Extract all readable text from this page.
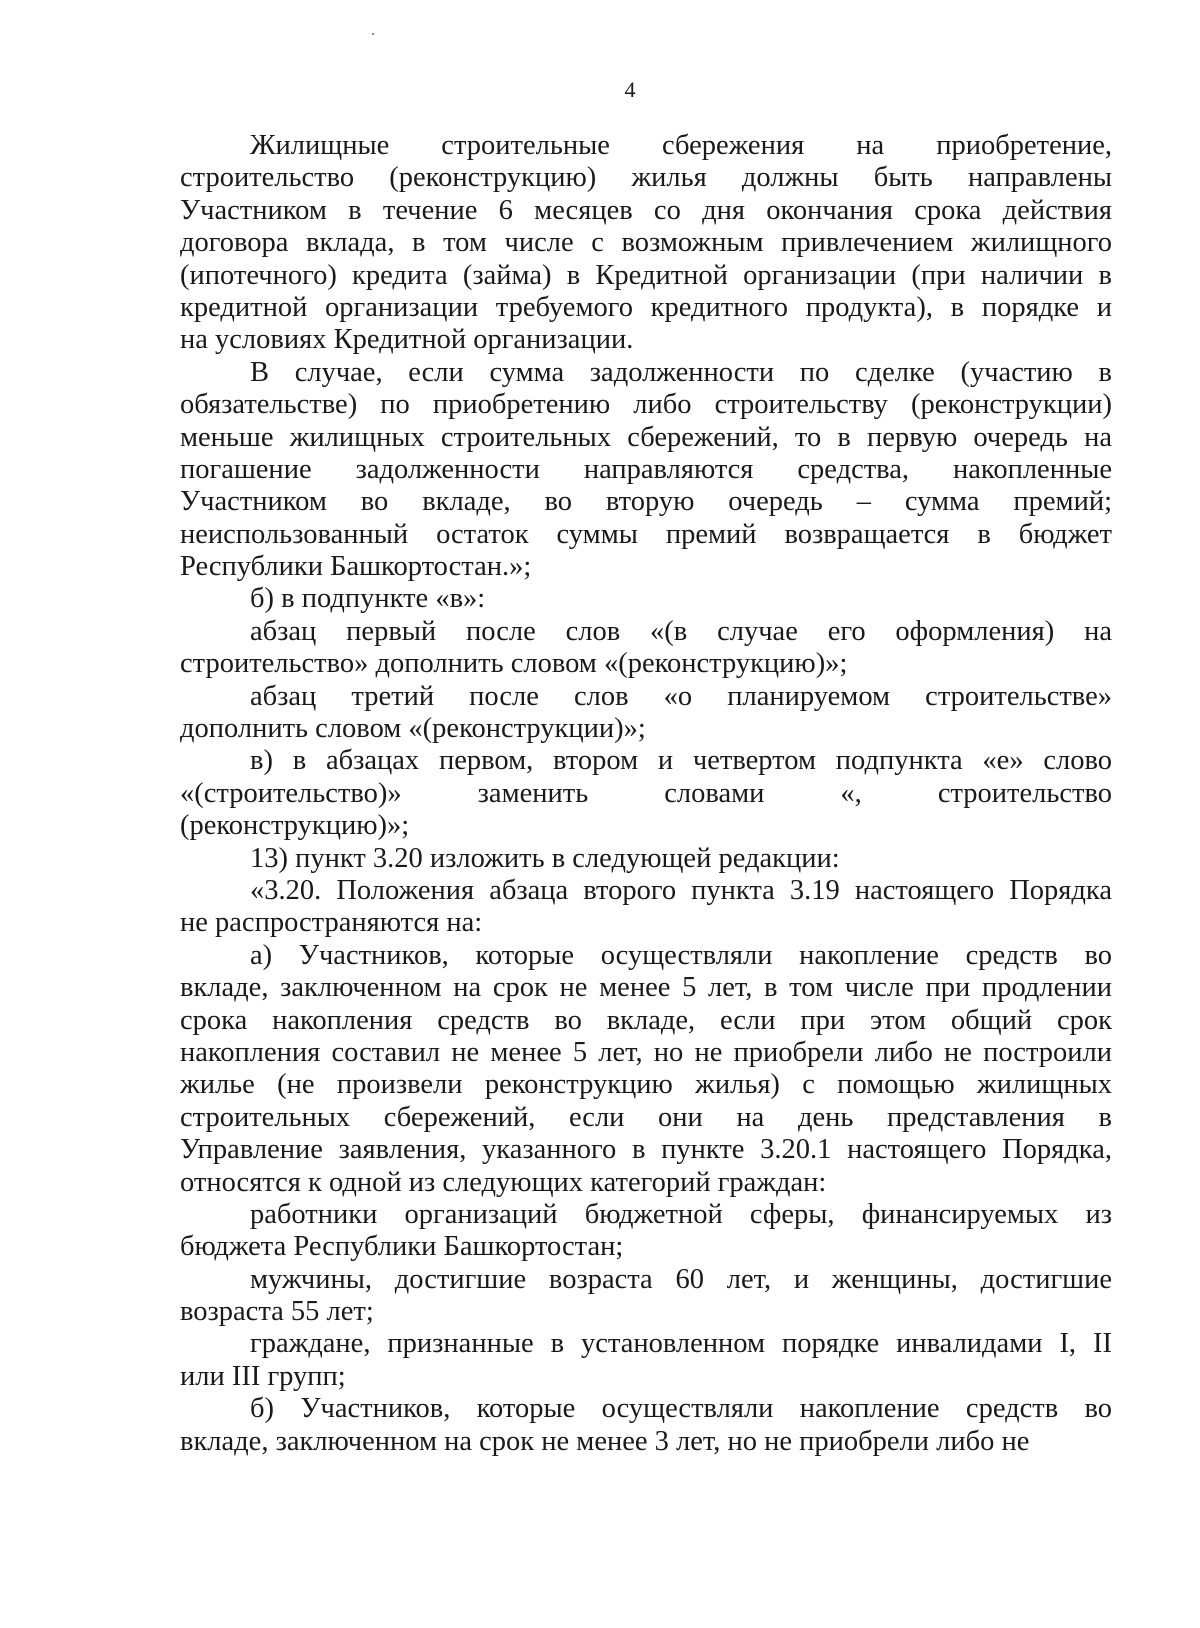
4
Жилищные строительные сбережения на приобретение,
строительство (реконструкцию) жилья должны быть направлены
Участником в течение 6 месяцев со дня окончания срока действия
договора вклада, в том числе с возможным привлечением жилищного
(ипотечного) кредита (займа) в Кредитной организации (при наличии в
кредитной организации требуемого кредитного продукта), в порядке и
на условиях Кредитной организации.
В случае, если сумма задолженности по сделке (участию в
обязательстве) по приобретению либо строительству (реконструкции)
меньше жилищных строительных сбережений, то в первую очередь на
погашение задолженности направляются средства, накопленные
Участником во вкладе, во вторую очередь – сумма премий;
неиспользованный остаток суммы премий возвращается в бюджет
Республики Башкортостан.»;
б) в подпункте «в»:
абзац первый после слов «(в случае его оформления) на
строительство» дополнить словом «(реконструкцию)»;
абзац третий после слов «о планируемом строительстве»
дополнить словом «(реконструкции)»;
в) в абзацах первом, втором и четвертом подпункта «е» слово
«(строительство)» заменить словами «, строительство
(реконструкцию)»;
13) пункт 3.20 изложить в следующей редакции:
«3.20. Положения абзаца второго пункта 3.19 настоящего Порядка
не распространяются на:
а) Участников, которые осуществляли накопление средств во
вкладе, заключенном на срок не менее 5 лет, в том числе при продлении
срока накопления средств во вкладе, если при этом общий срок
накопления составил не менее 5 лет, но не приобрели либо не построили
жилье (не произвели реконструкцию жилья) с помощью жилищных
строительных сбережений, если они на день представления в
Управление заявления, указанного в пункте 3.20.1 настоящего Порядка,
относятся к одной из следующих категорий граждан:
работники организаций бюджетной сферы, финансируемых из
бюджета Республики Башкортостан;
мужчины, достигшие возраста 60 лет, и женщины, достигшие
возраста 55 лет;
граждане, признанные в установленном порядке инвалидами I, II
или III групп;
б) Участников, которые осуществляли накопление средств во
вкладе, заключенном на срок не менее 3 лет, но не приобрели либо не
